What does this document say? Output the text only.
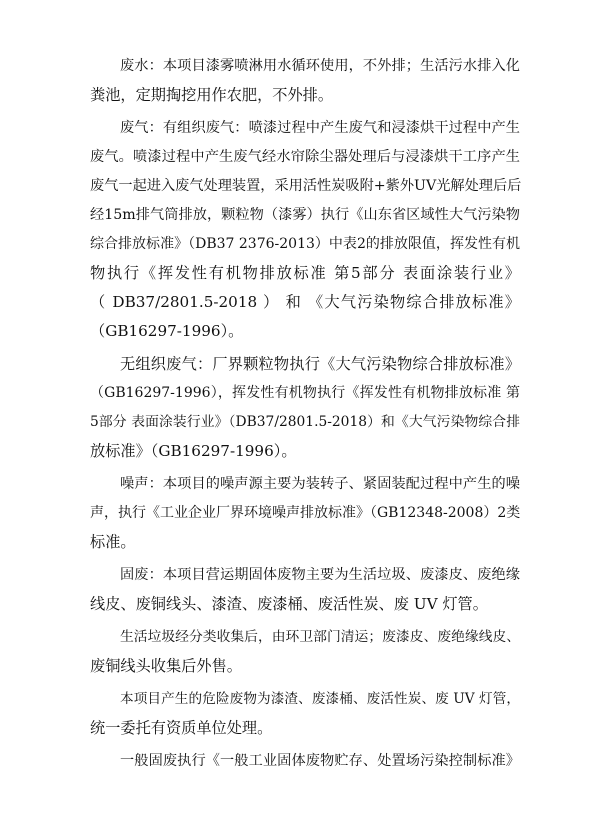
废水：本项目漆雾喷淋用水循环使用，不外排；生活污水排入化

粪池，定期掏挖用作农肥，不外排。

废气：有组织废气：喷漆过程中产生废气和浸漆烘干过程中产生

废气。喷漆过程中产生废气经水帘除尘器处理后与浸漆烘干工序产生

废气一起进入废气处理装置，采用活性炭吸附+紫外UV光解处理后后

经15m排气筒排放，颗粒物（漆雾）执行《山东省区域性大气污染物

综合排放标准》（DB37 2376-2013）中表2的排放限值，挥发性有机

物执行《挥发性有机物排放标准 第5部分 表面涂装行业》

（ DB37/2801.5-2018 ） 和 《大气污染物综合排放标准》

（GB16297-1996）。

无组织废气：厂界颗粒物执行《大气污染物综合排放标准》

（GB16297-1996），挥发性有机物执行《挥发性有机物排放标准 第

5部分 表面涂装行业》（DB37/2801.5-2018）和《大气污染物综合排

放标准》（GB16297-1996）。

噪声：本项目的噪声源主要为装转子、紧固装配过程中产生的噪

声，执行《工业企业厂界环境噪声排放标准》（GB12348-2008）2类

标准。

固废：本项目营运期固体废物主要为生活垃圾、废漆皮、废绝缘

线皮、废铜线头、漆渣、废漆桶、废活性炭、废 UV 灯管。

生活垃圾经分类收集后，由环卫部门清运；废漆皮、废绝缘线皮、

废铜线头收集后外售。

本项目产生的危险废物为漆渣、废漆桶、废活性炭、废 UV 灯管，

统一委托有资质单位处理。

一般固废执行《一般工业固体废物贮存、处置场污染控制标准》
